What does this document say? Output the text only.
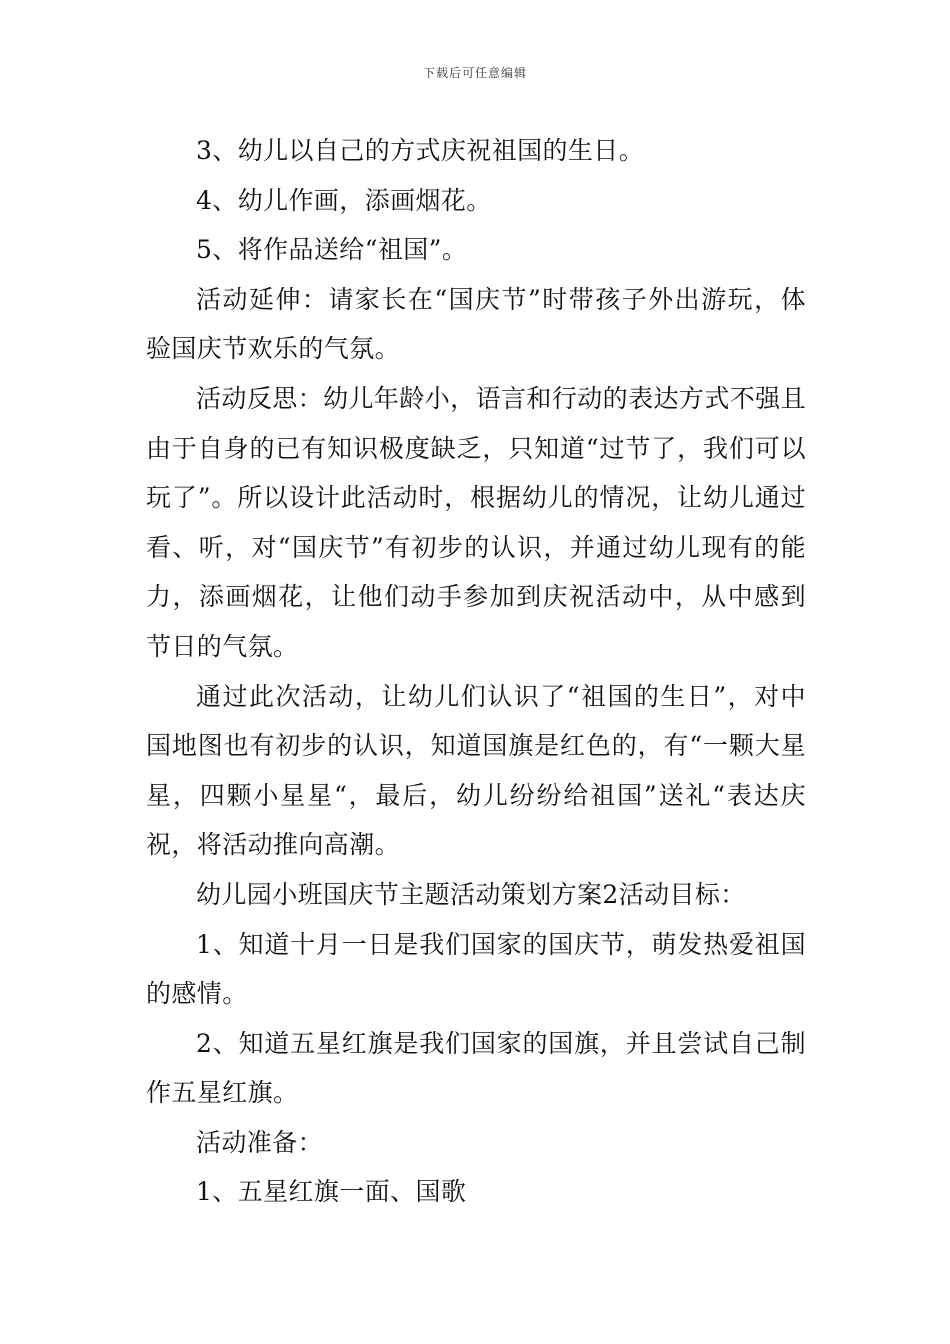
下载后可任意编辑

3、幼儿以自己的方式庆祝祖国的生日。

4、幼儿作画，添画烟花。

5、将作品送给“祖国”。

活动延伸：请家长在“国庆节”时带孩子外出游玩，体验国庆节欢乐的气氛。

活动反思：幼儿年龄小，语言和行动的表达方式不强且由于自身的已有知识极度缺乏，只知道“过节了，我们可以玩了”。所以设计此活动时，根据幼儿的情况，让幼儿通过看、听，对“国庆节”有初步的认识，并通过幼儿现有的能力，添画烟花，让他们动手参加到庆祝活动中，从中感到节日的气氛。

通过此次活动，让幼儿们认识了“祖国的生日”，对中国地图也有初步的认识，知道国旗是红色的，有“一颗大星星，四颗小星星“，最后，幼儿纷纷给祖国”送礼“表达庆祝，将活动推向高潮。

幼儿园小班国庆节主题活动策划方案2活动目标：

1、知道十月一日是我们国家的国庆节，萌发热爱祖国的感情。

2、知道五星红旗是我们国家的国旗，并且尝试自己制作五星红旗。

活动准备：

1、五星红旗一面、国歌
